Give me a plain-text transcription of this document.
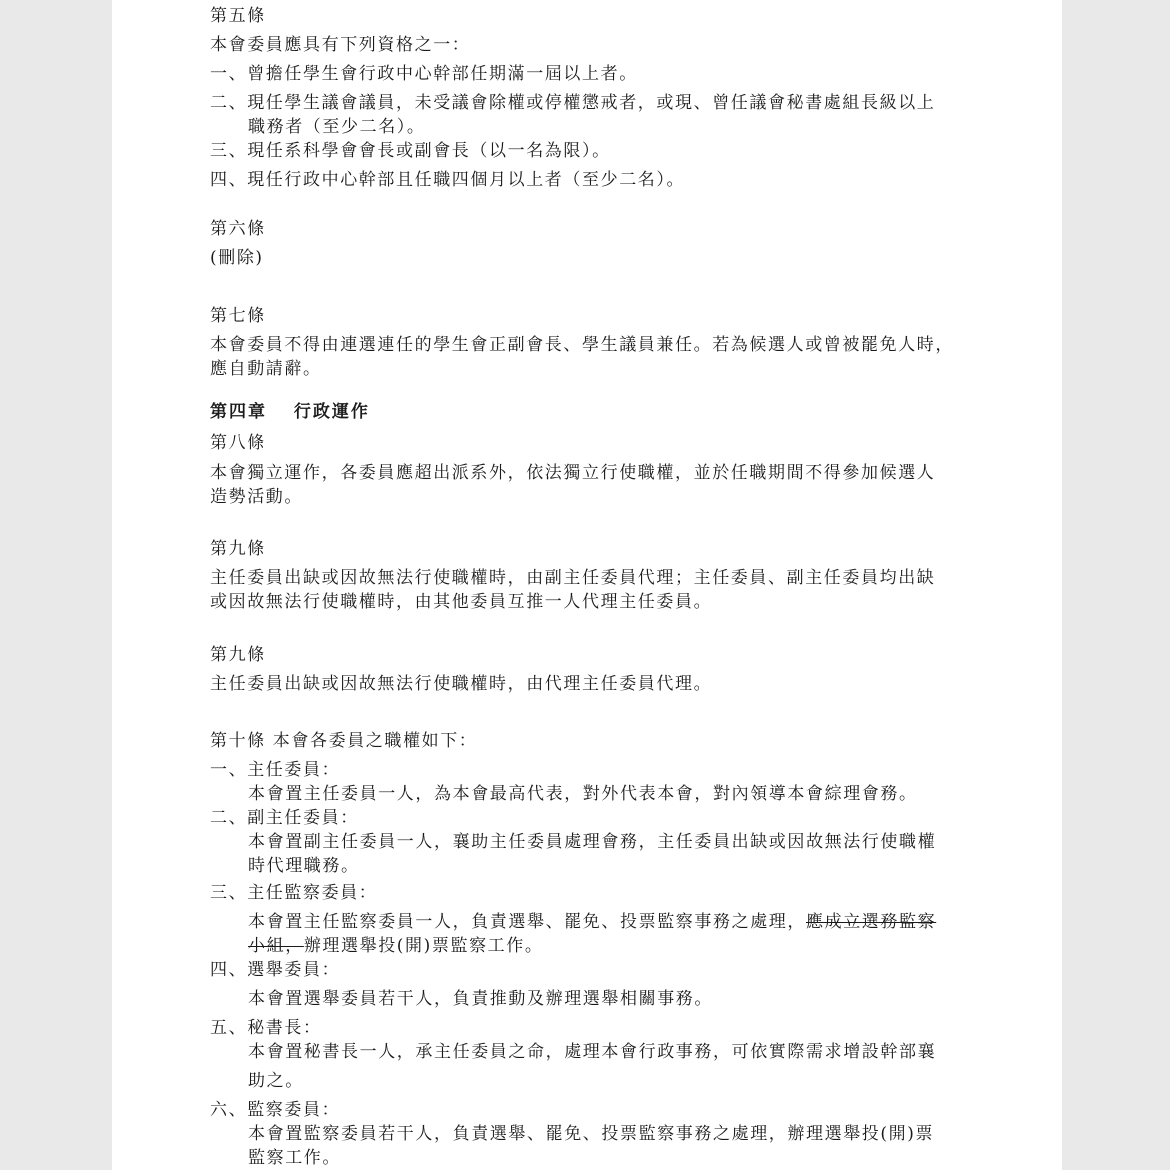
第五條
本會委員應具有下列資格之一：
一、曾擔任學生會行政中心幹部任期滿一屆以上者。
二、現任學生議會議員，未受議會除權或停權懲戒者，或現、曾任議會秘書處組長級以上
職務者（至少二名）。
三、現任系科學會會長或副會長（以一名為限）。
四、現任行政中心幹部且任職四個月以上者（至少二名）。
第六條
(刪除)
第七條
本會委員不得由連選連任的學生會正副會長、學生議員兼任。若為候選人或曾被罷免人時，
應自動請辭。
第四章　 行政運作
第八條
本會獨立運作，各委員應超出派系外，依法獨立行使職權，並於任職期間不得參加候選人
造勢活動。
第九條
主任委員出缺或因故無法行使職權時，由副主任委員代理；主任委員、副主任委員均出缺
或因故無法行使職權時，由其他委員互推一人代理主任委員。
第九條
主任委員出缺或因故無法行使職權時，由代理主任委員代理。
第十條 本會各委員之職權如下：
一、主任委員：
本會置主任委員一人，為本會最高代表，對外代表本會，對內領導本會綜理會務。
二、副主任委員：
本會置副主任委員一人，襄助主任委員處理會務，主任委員出缺或因故無法行使職權
時代理職務。
三、主任監察委員：
本會置主任監察委員一人，負責選舉、罷免、投票監察事務之處理，應成立選務監察
小組，辦理選舉投(開)票監察工作。
四、選舉委員：
本會置選舉委員若干人，負責推動及辦理選舉相關事務。
五、秘書長：
本會置秘書長一人，承主任委員之命，處理本會行政事務，可依實際需求增設幹部襄
助之。
六、監察委員：
本會置監察委員若干人，負責選舉、罷免、投票監察事務之處理，辦理選舉投(開)票
監察工作。
